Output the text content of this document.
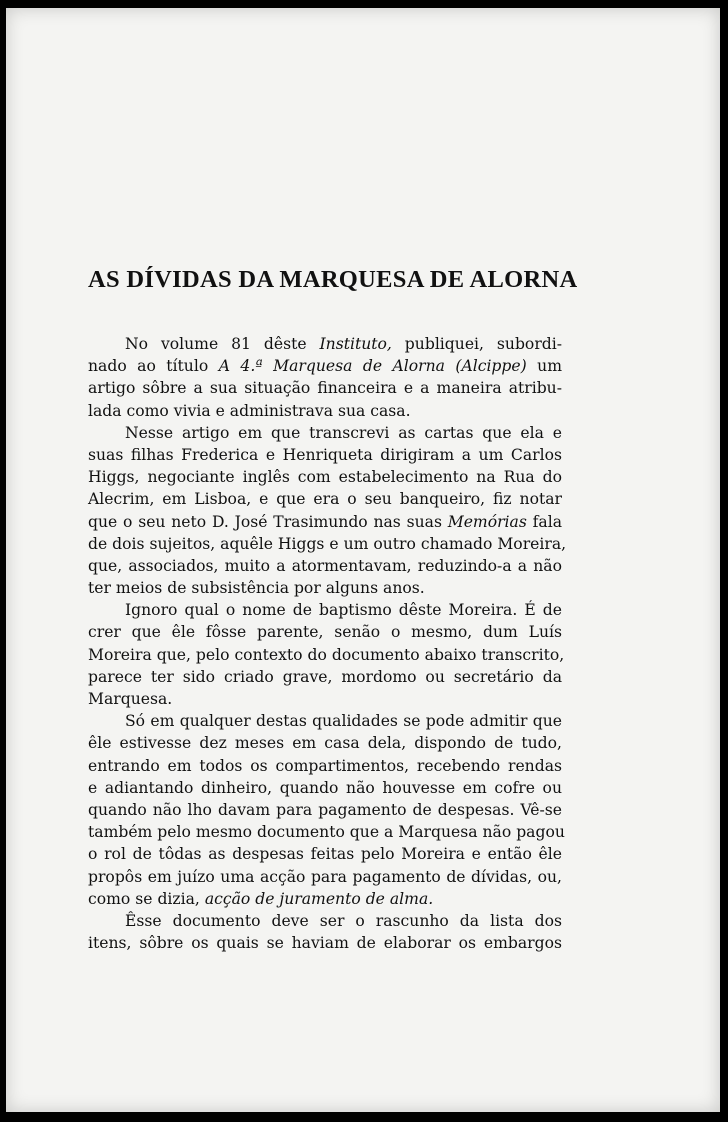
AS DÍVIDAS DA MARQUESA DE ALORNA
No volume 81 dêste Instituto, publiquei, subordi-
nado ao título A 4.ª Marquesa de Alorna (Alcippe) um
artigo sôbre a sua situação financeira e a maneira atribu-
lada como vivia e administrava sua casa.
Nesse artigo em que transcrevi as cartas que ela e
suas filhas Frederica e Henriqueta dirigiram a um Carlos
Higgs, negociante inglês com estabelecimento na Rua do
Alecrim, em Lisboa, e que era o seu banqueiro, fiz notar
que o seu neto D. José Trasimundo nas suas Memórias fala
de dois sujeitos, aquêle Higgs e um outro chamado Moreira,
que, associados, muito a atormentavam, reduzindo-a a não
ter meios de subsistência por alguns anos.
Ignoro qual o nome de baptismo dêste Moreira. É de
crer que êle fôsse parente, senão o mesmo, dum Luís
Moreira que, pelo contexto do documento abaixo transcrito,
parece ter sido criado grave, mordomo ou secretário da
Marquesa.
Só em qualquer destas qualidades se pode admitir que
êle estivesse dez meses em casa dela, dispondo de tudo,
entrando em todos os compartimentos, recebendo rendas
e adiantando dinheiro, quando não houvesse em cofre ou
quando não lho davam para pagamento de despesas. Vê-se
também pelo mesmo documento que a Marquesa não pagou
o rol de tôdas as despesas feitas pelo Moreira e então êle
propôs em juízo uma acção para pagamento de dívidas, ou,
como se dizia, acção de juramento de alma.
Êsse documento deve ser o rascunho da lista dos
itens, sôbre os quais se haviam de elaborar os embargos
